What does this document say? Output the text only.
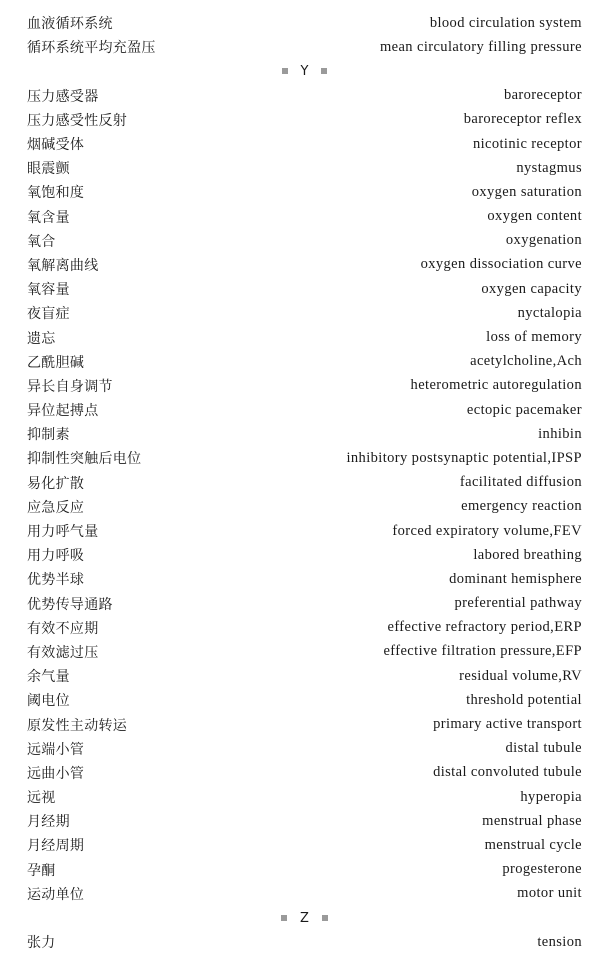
血液循环系统	blood circulation system
循环系统平均充盈压	mean circulatory filling pressure
Y
压力感受器	baroreceptor
压力感受性反射	baroreceptor reflex
烟碱受体	nicotinic receptor
眼震颤	nystagmus
氧饱和度	oxygen saturation
氧含量	oxygen content
氧合	oxygenation
氧解离曲线	oxygen dissociation curve
氧容量	oxygen capacity
夜盲症	nyctalopia
遗忘	loss of memory
乙酰胆碱	acetylcholine,Ach
异长自身调节	heterometric autoregulation
异位起搏点	ectopic pacemaker
抑制素	inhibin
抑制性突触后电位	inhibitory postsynaptic potential,IPSP
易化扩散	facilitated diffusion
应急反应	emergency reaction
用力呼气量	forced expiratory volume,FEV
用力呼吸	labored breathing
优势半球	dominant hemisphere
优势传导通路	preferential pathway
有效不应期	effective refractory period,ERP
有效滤过压	effective filtration pressure,EFP
余气量	residual volume,RV
阈电位	threshold potential
原发性主动转运	primary active transport
远端小管	distal tubule
远曲小管	distal convoluted tubule
远视	hyperopia
月经期	menstrual phase
月经周期	menstrual cycle
孕酮	progesterone
运动单位	motor unit
Z
张力	tension
